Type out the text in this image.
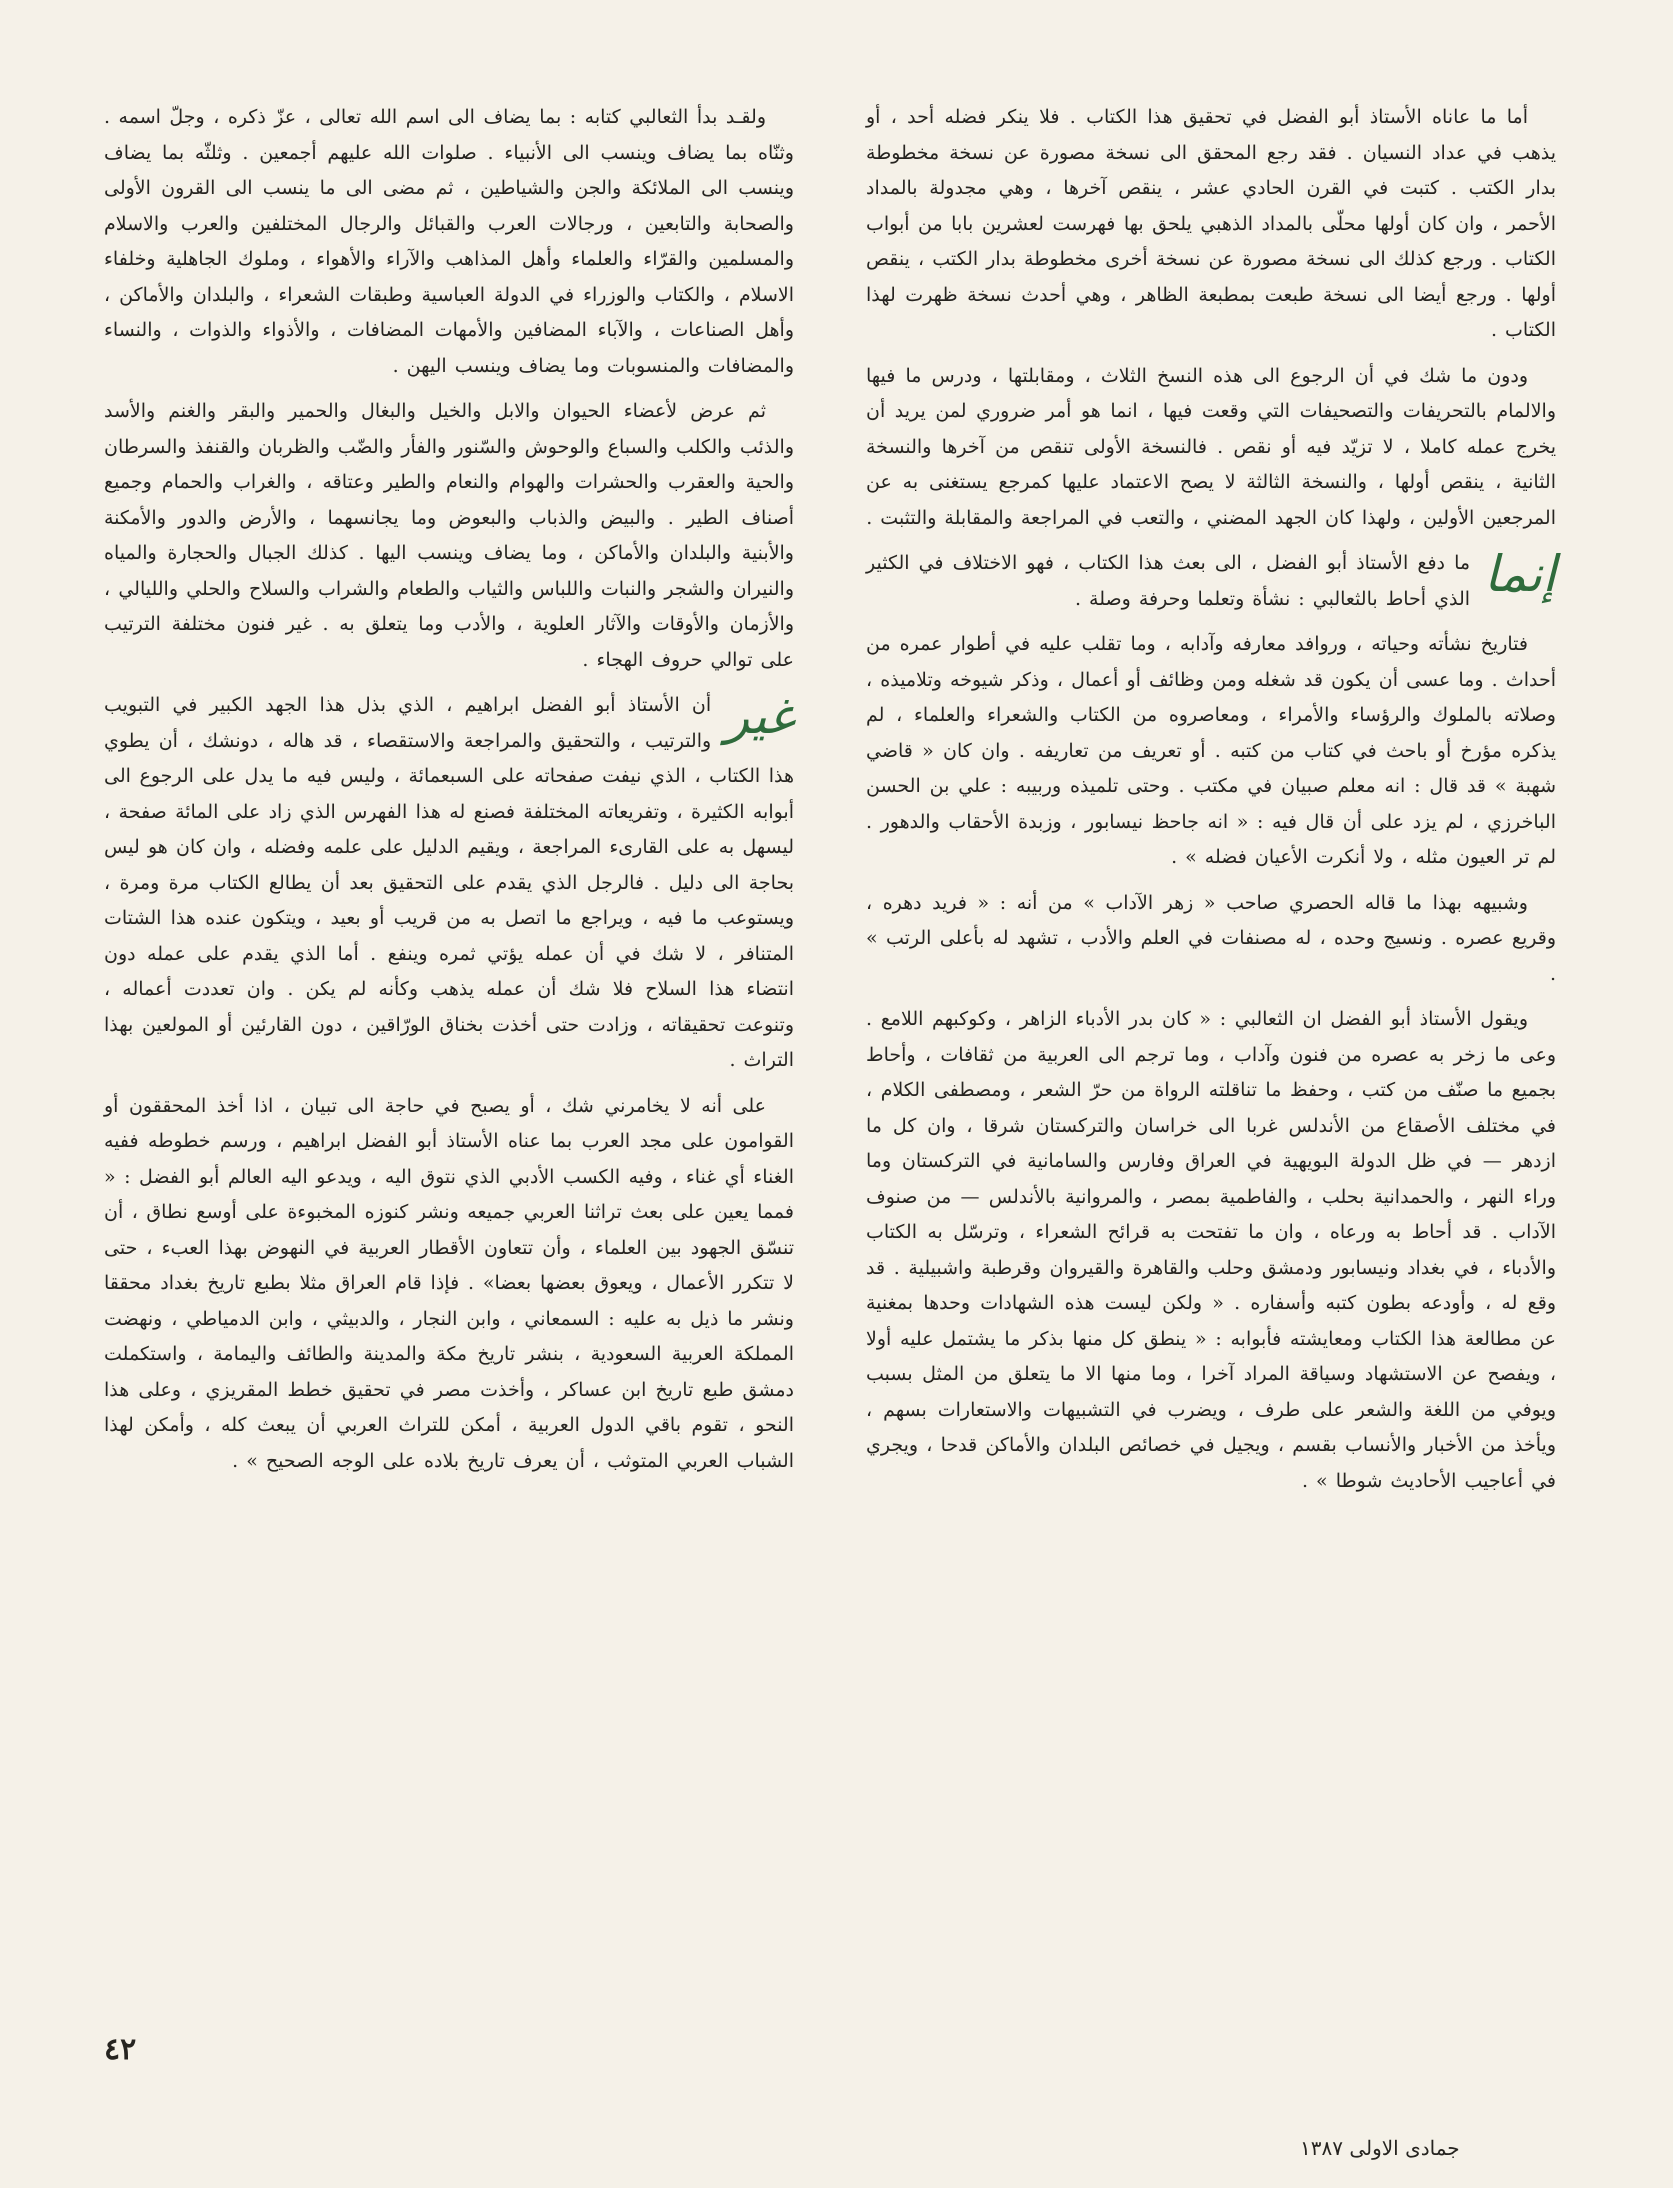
أما ما عاناه الأستاذ أبو الفضل في تحقيق هذا الكتاب . فلا ينكر فضله أحد ، أو يذهب في عداد النسيان . فقد رجع المحقق الى نسخة مصورة عن نسخة مخطوطة بدار الكتب . كتبت في القرن الحادي عشر ، ينقص آخرها ، وهي مجدولة بالمداد الأحمر ، وان كان أولها محلّى بالمداد الذهبي يلحق بها فهرست لعشرين بابا من أبواب الكتاب . ورجع كذلك الى نسخة مصورة عن نسخة أخرى مخطوطة بدار الكتب ، ينقص أولها . ورجع أيضا الى نسخة طبعت بمطبعة الظاهر ، وهي أحدث نسخة ظهرت لهذا الكتاب .

ودون ما شك في أن الرجوع الى هذه النسخ الثلاث ، ومقابلتها ، ودرس ما فيها والالمام بالتحريفات والتصحيفات التي وقعت فيها ، انما هو أمر ضروري لمن يريد أن يخرج عمله كاملا ، لا تزيّد فيه أو نقص . فالنسخة الأولى تنقص من آخرها والنسخة الثانية ، ينقص أولها ، والنسخة الثالثة لا يصح الاعتماد عليها كمرجع يستغنى به عن المرجعين الأولين ، ولهذا كان الجهد المضني ، والتعب في المراجعة والمقابلة والتثبت .

إنما
ما دفع الأستاذ أبو الفضل ، الى بعث هذا الكتاب ، فهو الاختلاف في الكثير الذي أحاط بالثعالبي : نشأة وتعلما وحرفة وصلة .

فتاريخ نشأته وحياته ، وروافد معارفه وآدابه ، وما تقلب عليه في أطوار عمره من أحداث . وما عسى أن يكون قد شغله ومن وظائف أو أعمال ، وذكر شيوخه وتلاميذه ، وصلاته بالملوك والرؤساء والأمراء ، ومعاصروه من الكتاب والشعراء والعلماء ، لم يذكره مؤرخ أو باحث في كتاب من كتبه . أو تعريف من تعاريفه . وان كان « قاضي شهبة » قد قال : انه معلم صبيان في مكتب . وحتى تلميذه وربيبه : علي بن الحسن الباخرزي ، لم يزد على أن قال فيه : « انه جاحظ نيسابور ، وزبدة الأحقاب والدهور . لم تر العيون مثله ، ولا أنكرت الأعيان فضله » .

وشبيهه بهذا ما قاله الحصري صاحب « زهر الآداب » من أنه : « فريد دهره ، وقريع عصره . ونسيج وحده ، له مصنفات في العلم والأدب ، تشهد له بأعلى الرتب » .

ويقول الأستاذ أبو الفضل ان الثعالبي : « كان بدر الأدباء الزاهر ، وكوكبهم اللامع . وعى ما زخر به عصره من فنون وآداب ، وما ترجم الى العربية من ثقافات ، وأحاط بجميع ما صنّف من كتب ، وحفظ ما تناقلته الرواة من حرّ الشعر ، ومصطفى الكلام ، في مختلف الأصقاع من الأندلس غربا الى خراسان والتركستان شرقا ، وان كل ما ازدهر — في ظل الدولة البويهية في العراق وفارس والسامانية في التركستان وما وراء النهر ، والحمدانية بحلب ، والفاطمية بمصر ، والمروانية بالأندلس — من صنوف الآداب . قد أحاط به ورعاه ، وان ما تفتحت به قرائح الشعراء ، وترسّل به الكتاب والأدباء ، في بغداد ونيسابور ودمشق وحلب والقاهرة والقيروان وقرطبة واشبيلية . قد وقع له ، وأودعه بطون كتبه وأسفاره . « ولكن ليست هذه الشهادات وحدها بمغنية عن مطالعة هذا الكتاب ومعايشته فأبوابه : « ينطق كل منها بذكر ما يشتمل عليه أولا ، ويفصح عن الاستشهاد وسياقة المراد آخرا ، وما منها الا ما يتعلق من المثل بسبب ويوفي من اللغة والشعر على طرف ، ويضرب في التشبيهات والاستعارات بسهم ، ويأخذ من الأخبار والأنساب بقسم ، ويجيل في خصائص البلدان والأماكن قدحا ، ويجري في أعاجيب الأحاديث شوطا » .

ولقـد بدأ الثعالبي كتابه : بما يضاف الى اسم الله تعالى ، عزّ ذكره ، وجلّ اسمه . وثنّاه بما يضاف وينسب الى الأنبياء . صلوات الله عليهم أجمعين . وثلثّه بما يضاف وينسب الى الملائكة والجن والشياطين ، ثم مضى الى ما ينسب الى القرون الأولى والصحابة والتابعين ، ورجالات العرب والقبائل والرجال المختلفين والعرب والاسلام والمسلمين والقرّاء والعلماء وأهل المذاهب والآراء والأهواء ، وملوك الجاهلية وخلفاء الاسلام ، والكتاب والوزراء في الدولة العباسية وطبقات الشعراء ، والبلدان والأماكن ، وأهل الصناعات ، والآباء المضافين والأمهات المضافات ، والأذواء والذوات ، والنساء والمضافات والمنسوبات وما يضاف وينسب اليهن .

ثم عرض لأعضاء الحيوان والابل والخيل والبغال والحمير والبقر والغنم والأسد والذئب والكلب والسباع والوحوش والسّنور والفأر والضّب والظربان والقنفذ والسرطان والحية والعقرب والحشرات والهوام والنعام والطير وعتاقه ، والغراب والحمام وجميع أصناف الطير . والبيض والذباب والبعوض وما يجانسهما ، والأرض والدور والأمكنة والأبنية والبلدان والأماكن ، وما يضاف وينسب اليها . كذلك الجبال والحجارة والمياه والنيران والشجر والنبات واللباس والثياب والطعام والشراب والسلاح والحلي والليالي ، والأزمان والأوقات والآثار العلوية ، والأدب وما يتعلق به . غير فنون مختلفة الترتيب على توالي حروف الهجاء .

غير
أن الأستاذ أبو الفضل ابراهيم ، الذي بذل هذا الجهد الكبير في التبويب والترتيب ، والتحقيق والمراجعة والاستقصاء ، قد هاله ، دونشك ، أن يطوي هذا الكتاب ، الذي نيفت صفحاته على السبعمائة ، وليس فيه ما يدل على الرجوع الى أبوابه الكثيرة ، وتفريعاته المختلفة فصنع له هذا الفهرس الذي زاد على المائة صفحة ، ليسهل به على القارىء المراجعة ، ويقيم الدليل على علمه وفضله ، وان كان هو ليس بحاجة الى دليل . فالرجل الذي يقدم على التحقيق بعد أن يطالع الكتاب مرة ومرة ، ويستوعب ما فيه ، ويراجع ما اتصل به من قريب أو بعيد ، ويتكون عنده هذا الشتات المتنافر ، لا شك في أن عمله يؤتي ثمره وينفع . أما الذي يقدم على عمله دون انتضاء هذا السلاح فلا شك أن عمله يذهب وكأنه لم يكن . وان تعددت أعماله ، وتنوعت تحقيقاته ، وزادت حتى أخذت بخناق الورّاقين ، دون القارئين أو المولعين بهذا التراث .

على أنه لا يخامرني شك ، أو يصبح في حاجة الى تبيان ، اذا أخذ المحققون أو القوامون على مجد العرب بما عناه الأستاذ أبو الفضل ابراهيم ، ورسم خطوطه ففيه الغناء أي غناء ، وفيه الكسب الأدبي الذي نتوق اليه ، ويدعو اليه العالم أبو الفضل : « فمما يعين على بعث تراثنا العربي جميعه ونشر كنوزه المخبوءة على أوسع نطاق ، أن تنسّق الجهود بين العلماء ، وأن تتعاون الأقطار العربية في النهوض بهذا العبء ، حتى لا تتكرر الأعمال ، ويعوق بعضها بعضا» . فإذا قام العراق مثلا بطبع تاريخ بغداد محققا ونشر ما ذيل به عليه : السمعاني ، وابن النجار ، والدبيثي ، وابن الدمياطي ، ونهضت المملكة العربية السعودية ، بنشر تاريخ مكة والمدينة والطائف واليمامة ، واستكملت دمشق طبع تاريخ ابن عساكر ، وأخذت مصر في تحقيق خطط المقريزي ، وعلى هذا النحو ، تقوم باقي الدول العربية ، أمكن للتراث العربي أن يبعث كله ، وأمكن لهذا الشباب العربي المتوثب ، أن يعرف تاريخ بلاده على الوجه الصحيح » .

٤٢
جمادى الاولى ١٣٨٧
